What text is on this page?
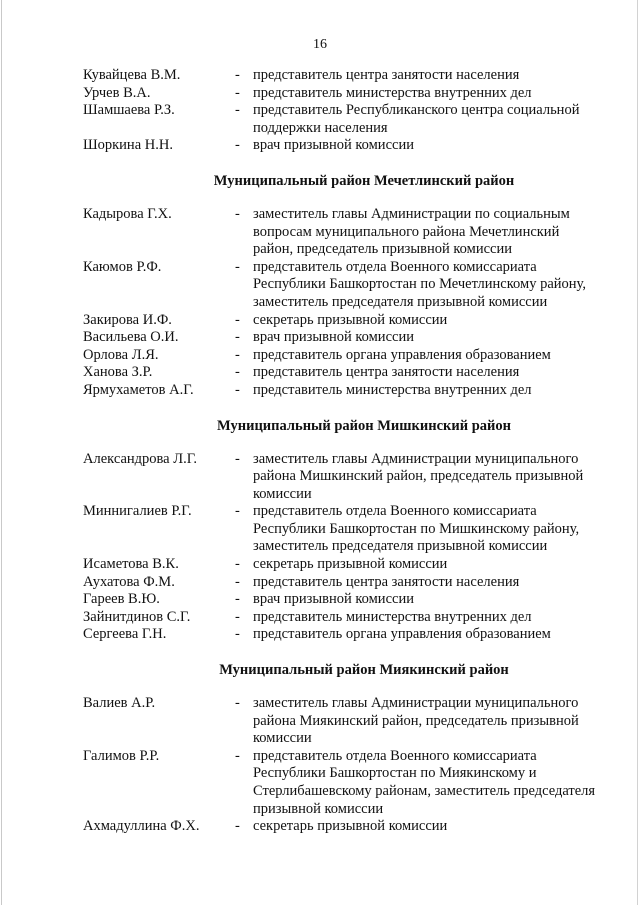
16
Кувайцева В.М.	- представитель центра занятости населения
Урчев В.А.	- представитель министерства внутренних дел
Шамшаева Р.З.	- представитель Республиканского центра социальной поддержки населения
Шоркина Н.Н.	- врач призывной комиссии
Муниципальный район Мечетлинский район
Кадырова Г.Х.	- заместитель главы Администрации по социальным вопросам муниципального района Мечетлинский район, председатель призывной комиссии
Каюмов Р.Ф.	- представитель отдела Военного комиссариата Республики Башкортостан по Мечетлинскому району, заместитель председателя призывной комиссии
Закирова И.Ф.	- секретарь призывной комиссии
Васильева О.И.	- врач призывной комиссии
Орлова Л.Я.	- представитель органа управления образованием
Ханова З.Р.	- представитель центра занятости населения
Ярмухаметов А.Г.	- представитель министерства внутренних дел
Муниципальный район Мишкинский район
Александрова Л.Г.	- заместитель главы Администрации муниципального района Мишкинский район, председатель призывной комиссии
Миннигалиев Р.Г.	- представитель отдела Военного комиссариата Республики Башкортостан по Мишкинскому району, заместитель председателя призывной комиссии
Исаметова В.К.	- секретарь призывной комиссии
Аухатова Ф.М.	- представитель центра занятости населения
Гареев В.Ю.	- врач призывной комиссии
Зайнитдинов С.Г.	- представитель министерства внутренних дел
Сергеева Г.Н.	- представитель органа управления образованием
Муниципальный район Миякинский район
Валиев А.Р.	- заместитель главы Администрации муниципального района Миякинский район, председатель призывной комиссии
Галимов Р.Р.	- представитель отдела Военного комиссариата Республики Башкортостан по Миякинскому и Стерлибашевскому районам, заместитель председателя призывной комиссии
Ахмадуллина Ф.Х.	- секретарь призывной комиссии
